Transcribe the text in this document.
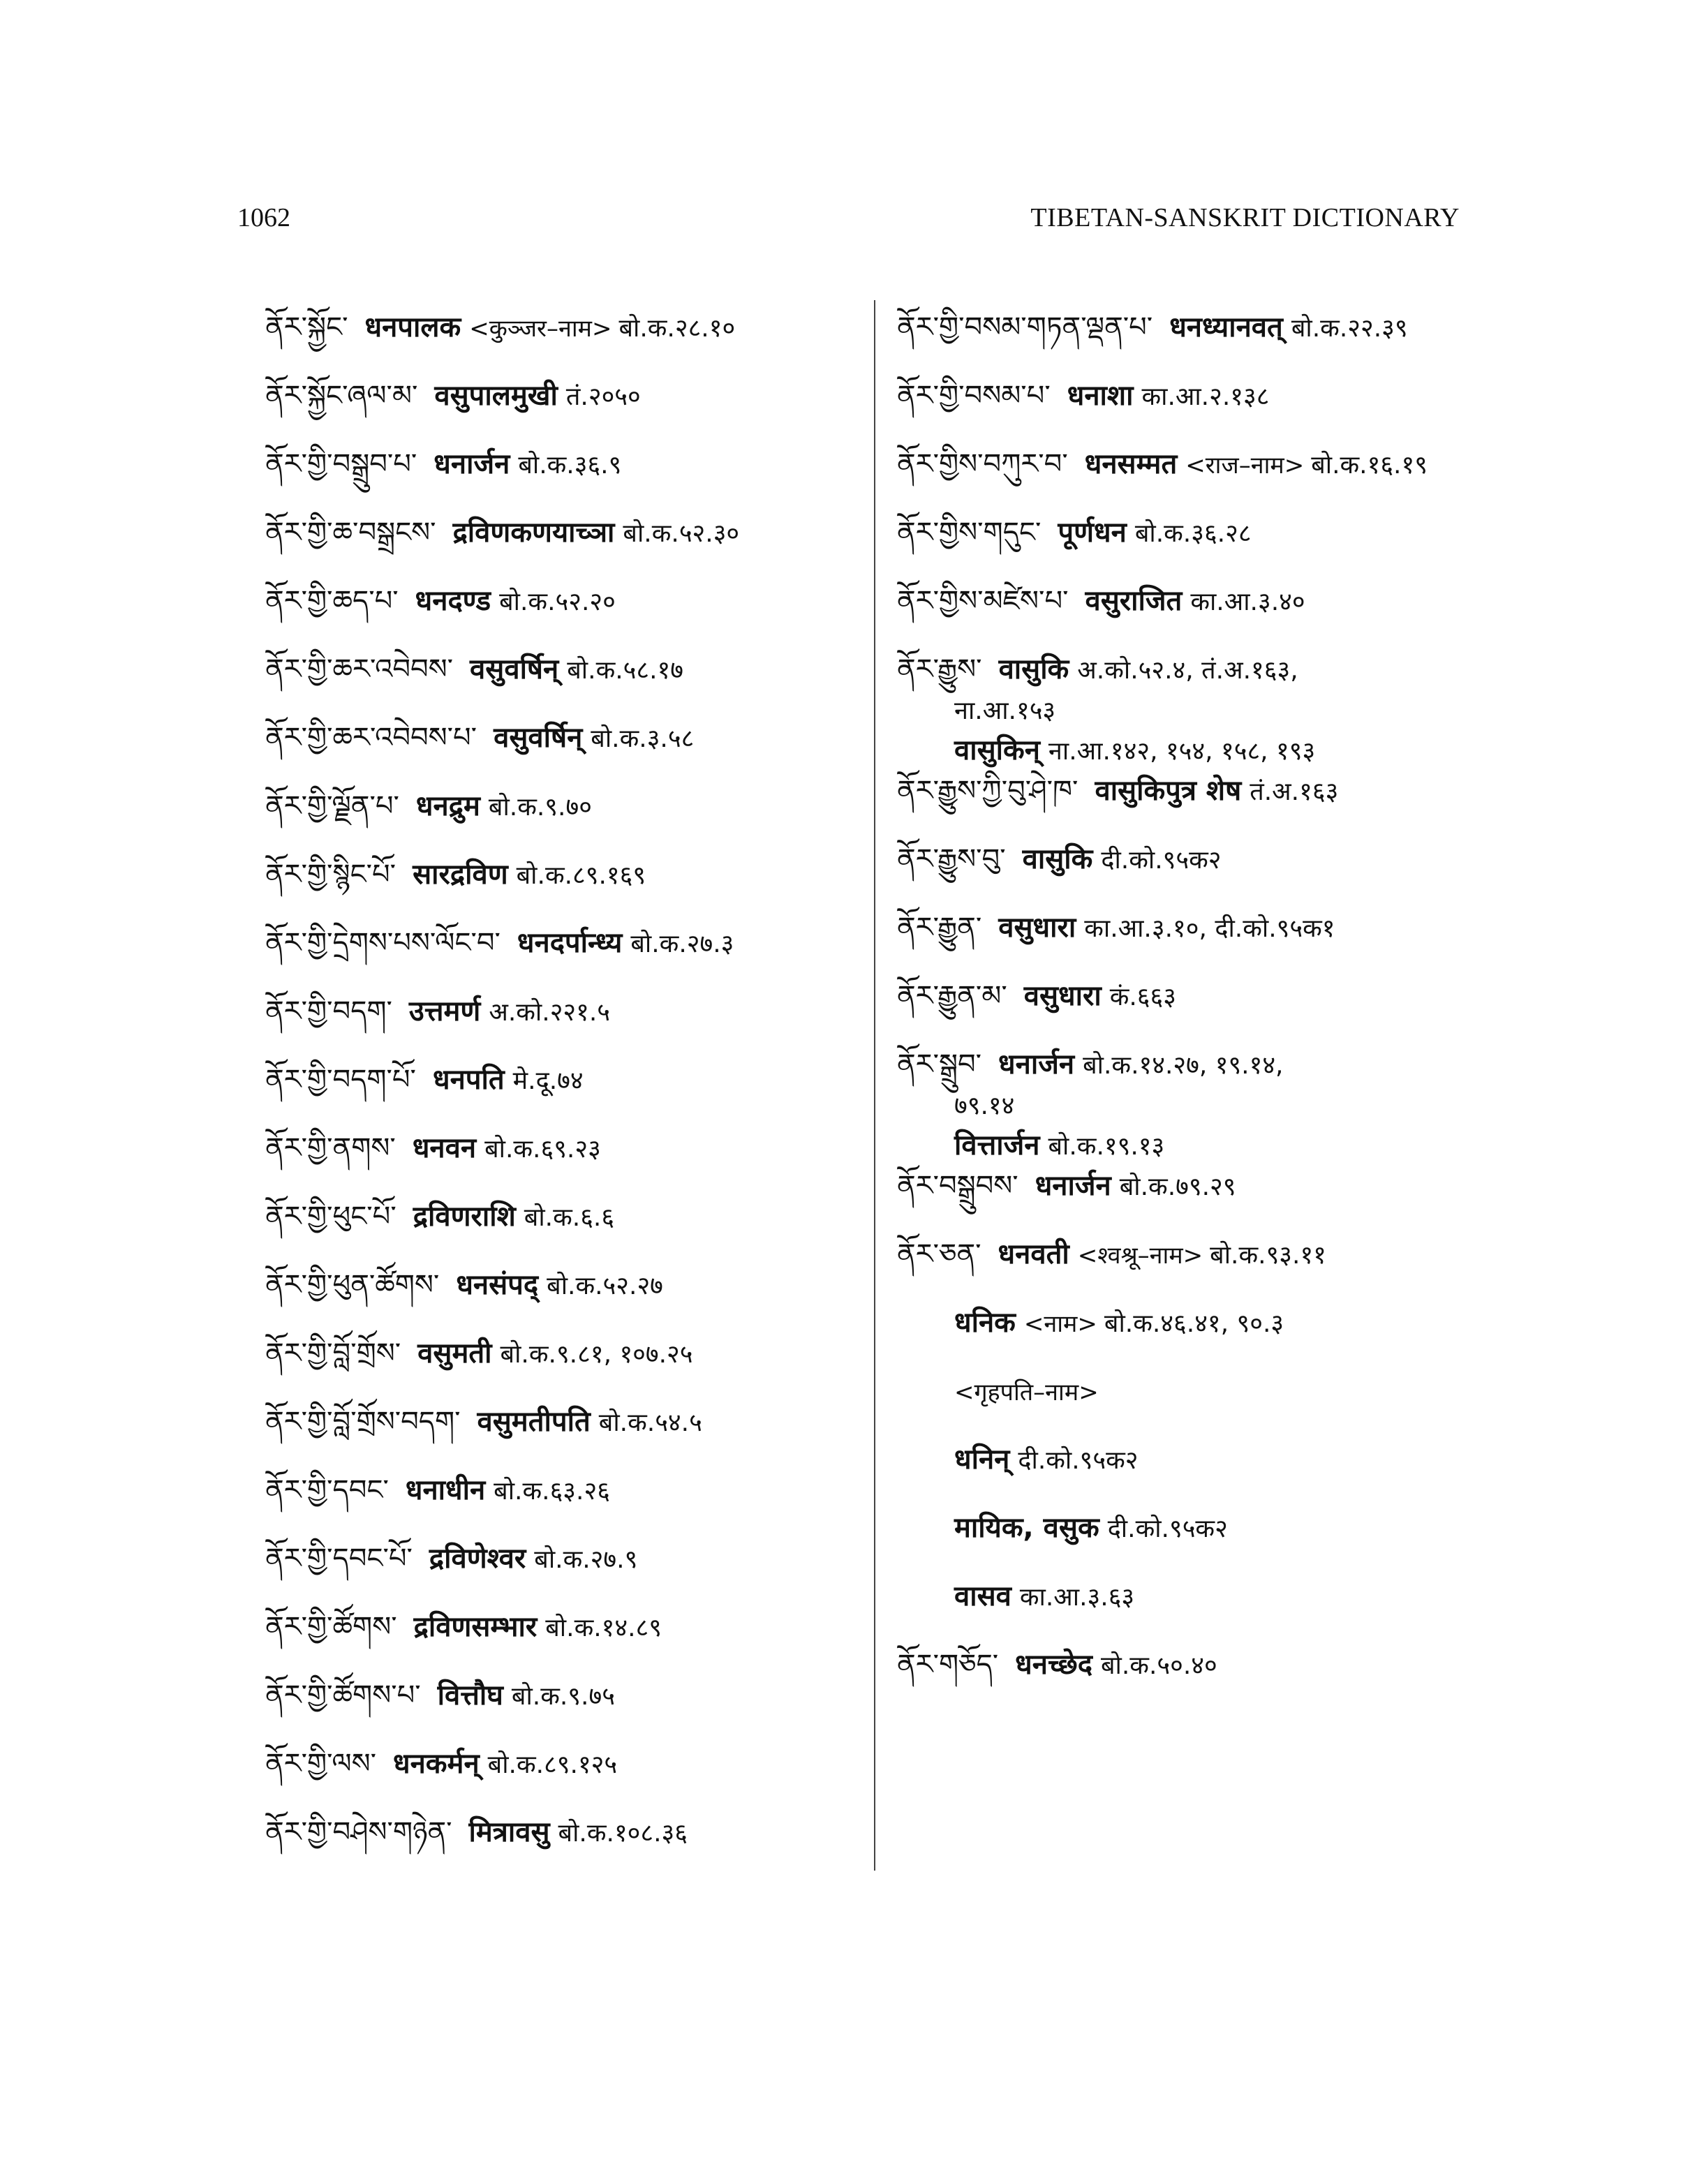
1062	TIBETAN-SANSKRIT DICTIONARY
ནོར་སྐྱོང་ धनपालक <कुञ्जर–नाम> बो.क.२८.१०
ནོར་སྐྱོང་ཞལ་མ་ वसुपालमुखी तं.२०५०
ནོར་གྱི་བསྒྲུབ་པ་ धनार्जन बो.क.३६.९
ནོར་གྱི་ཆ་བསྒྲངས་ द्रविणकणयाच्ञा बो.क.५२.३०
ནོར་གྱི་ཆད་པ་ धनदण्ड बो.क.५२.२०
ནོར་གྱི་ཆར་འབེབས་ वसुवर्षिन् बो.क.५८.१७
ནོར་གྱི་ཆར་འབེབས་པ་ वसुवर्षिन् बो.क.३.५८
ནོར་གྱི་ལྗོན་པ་ धनद्रुम बो.क.९.७०
ནོར་གྱི་སྙིང་པོ་ सारद्रविण बो.क.८९.१६९
ནོར་གྱི་དྲེགས་པས་ལོང་བ་ धनदर्पान्ध्य बो.क.२७.३
ནོར་གྱི་བདག་ उत्तमर्ण अ.को.२२१.५
ནོར་གྱི་བདག་པོ་ धनपति मे.दू.७४
ནོར་གྱི་ནགས་ धनवन बो.क.६९.२३
ནོར་གྱི་ཕུང་པོ་ द्रविणराशि बो.क.६.६
ནོར་གྱི་ཕུན་ཚོགས་ धनसंपद् बो.क.५२.२७
ནོར་གྱི་བློ་གྲོས་ वसुमती बो.क.९.८१, १०७.२५
ནོར་གྱི་བློ་གྲོས་བདག་ वसुमतीपति बो.क.५४.५
ནོར་གྱི་དབང་ धनाधीन बो.क.६३.२६
ནོར་གྱི་དབང་པོ་ द्रविणेश्वर बो.क.२७.९
ནོར་གྱི་ཚོགས་ द्रविणसम्भार बो.क.१४.८९
ནོར་གྱི་ཚོགས་པ་ वित्तौघ बो.क.९.७५
ནོར་གྱི་ལས་ धनकर्मन् बो.क.८९.१२५
ནོར་གྱི་བཤེས་གཉེན་ मित्रावसु बो.क.१०८.३६
ནོར་གྱི་བསམ་གཏན་ལྡན་པ་ धनध्यानवत् बो.क.२२.३९
ནོར་གྱི་བསམ་པ་ धनाशा का.आ.२.१३८
ནོར་གྱིས་བཀུར་བ་ धनसम्मत <राज–नाम> बो.क.१६.१९
ནོར་གྱིས་གདུང་ पूर्णधन बो.क.३६.२८
ནོར་གྱིས་མཛེས་པ་ वसुराजित का.आ.३.४०
ནོར་རྒྱུས་ वासुकि अ.को.५२.४, तं.अ.१६३,
ना.आ.१५३
वासुकिन् ना.आ.१४२, १५४, १५८, १९३
ནོར་རྒྱུས་ཀྱི་བུ་ཤེ་ཁ་ वासुकिपुत्र शेष तं.अ.१६३
ནོར་རྒྱུས་བུ་ वासुकि दी.को.९५क२
ནོར་རྒྱུན་ वसुधारा का.आ.३.१०, दी.को.९५क१
ནོར་རྒྱུན་མ་ वसुधारा कं.६६३
ནོར་སྒྲུབ་ धनार्जन बो.क.१४.२७, १९.१४,
७९.१४
वित्तार्जन बो.क.१९.१३
ནོར་བསྒྲུབས་ धनार्जन बो.क.७९.२९
ནོར་ཅན་ धनवती <श्वश्रू–नाम> बो.क.९३.११
धनिक <नाम> बो.क.४६.४१, ९०.३
<गृहपति–नाम>
धनिन् दी.को.९५क२
मायिक, वसुक दी.को.९५क२
वासव का.आ.३.६३
ནོར་གཅོད་ धनच्छेद बो.क.५०.४०
